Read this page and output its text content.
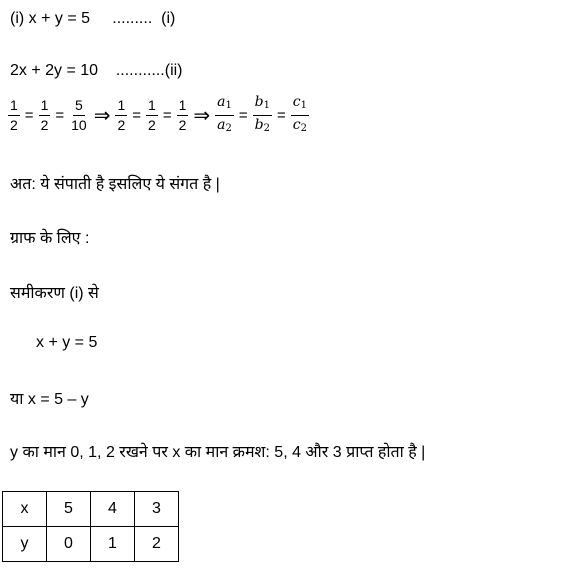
(i) x + y = 5     .........  (i)
2x + 2y = 10    ...........(ii)
$\frac{1}{2} = \frac{1}{2} = \frac{5}{10}$ ⇒ $\frac{1}{2} = \frac{1}{2} = \frac{1}{2}$ ⇒ $\frac{a_1}{a_2} = \frac{b_1}{b_2} = \frac{c_1}{c_2}$
अत: ये संपाती है इसलिए ये संगत है |
ग्राफ के लिए :
समीकरण (i) से
x + y = 5
या x = 5 – y
y का मान 0, 1, 2 रखने पर x का मान क्रमश: 5, 4 और 3 प्राप्त होता है |
x	5	4	3
y	0	1	2
